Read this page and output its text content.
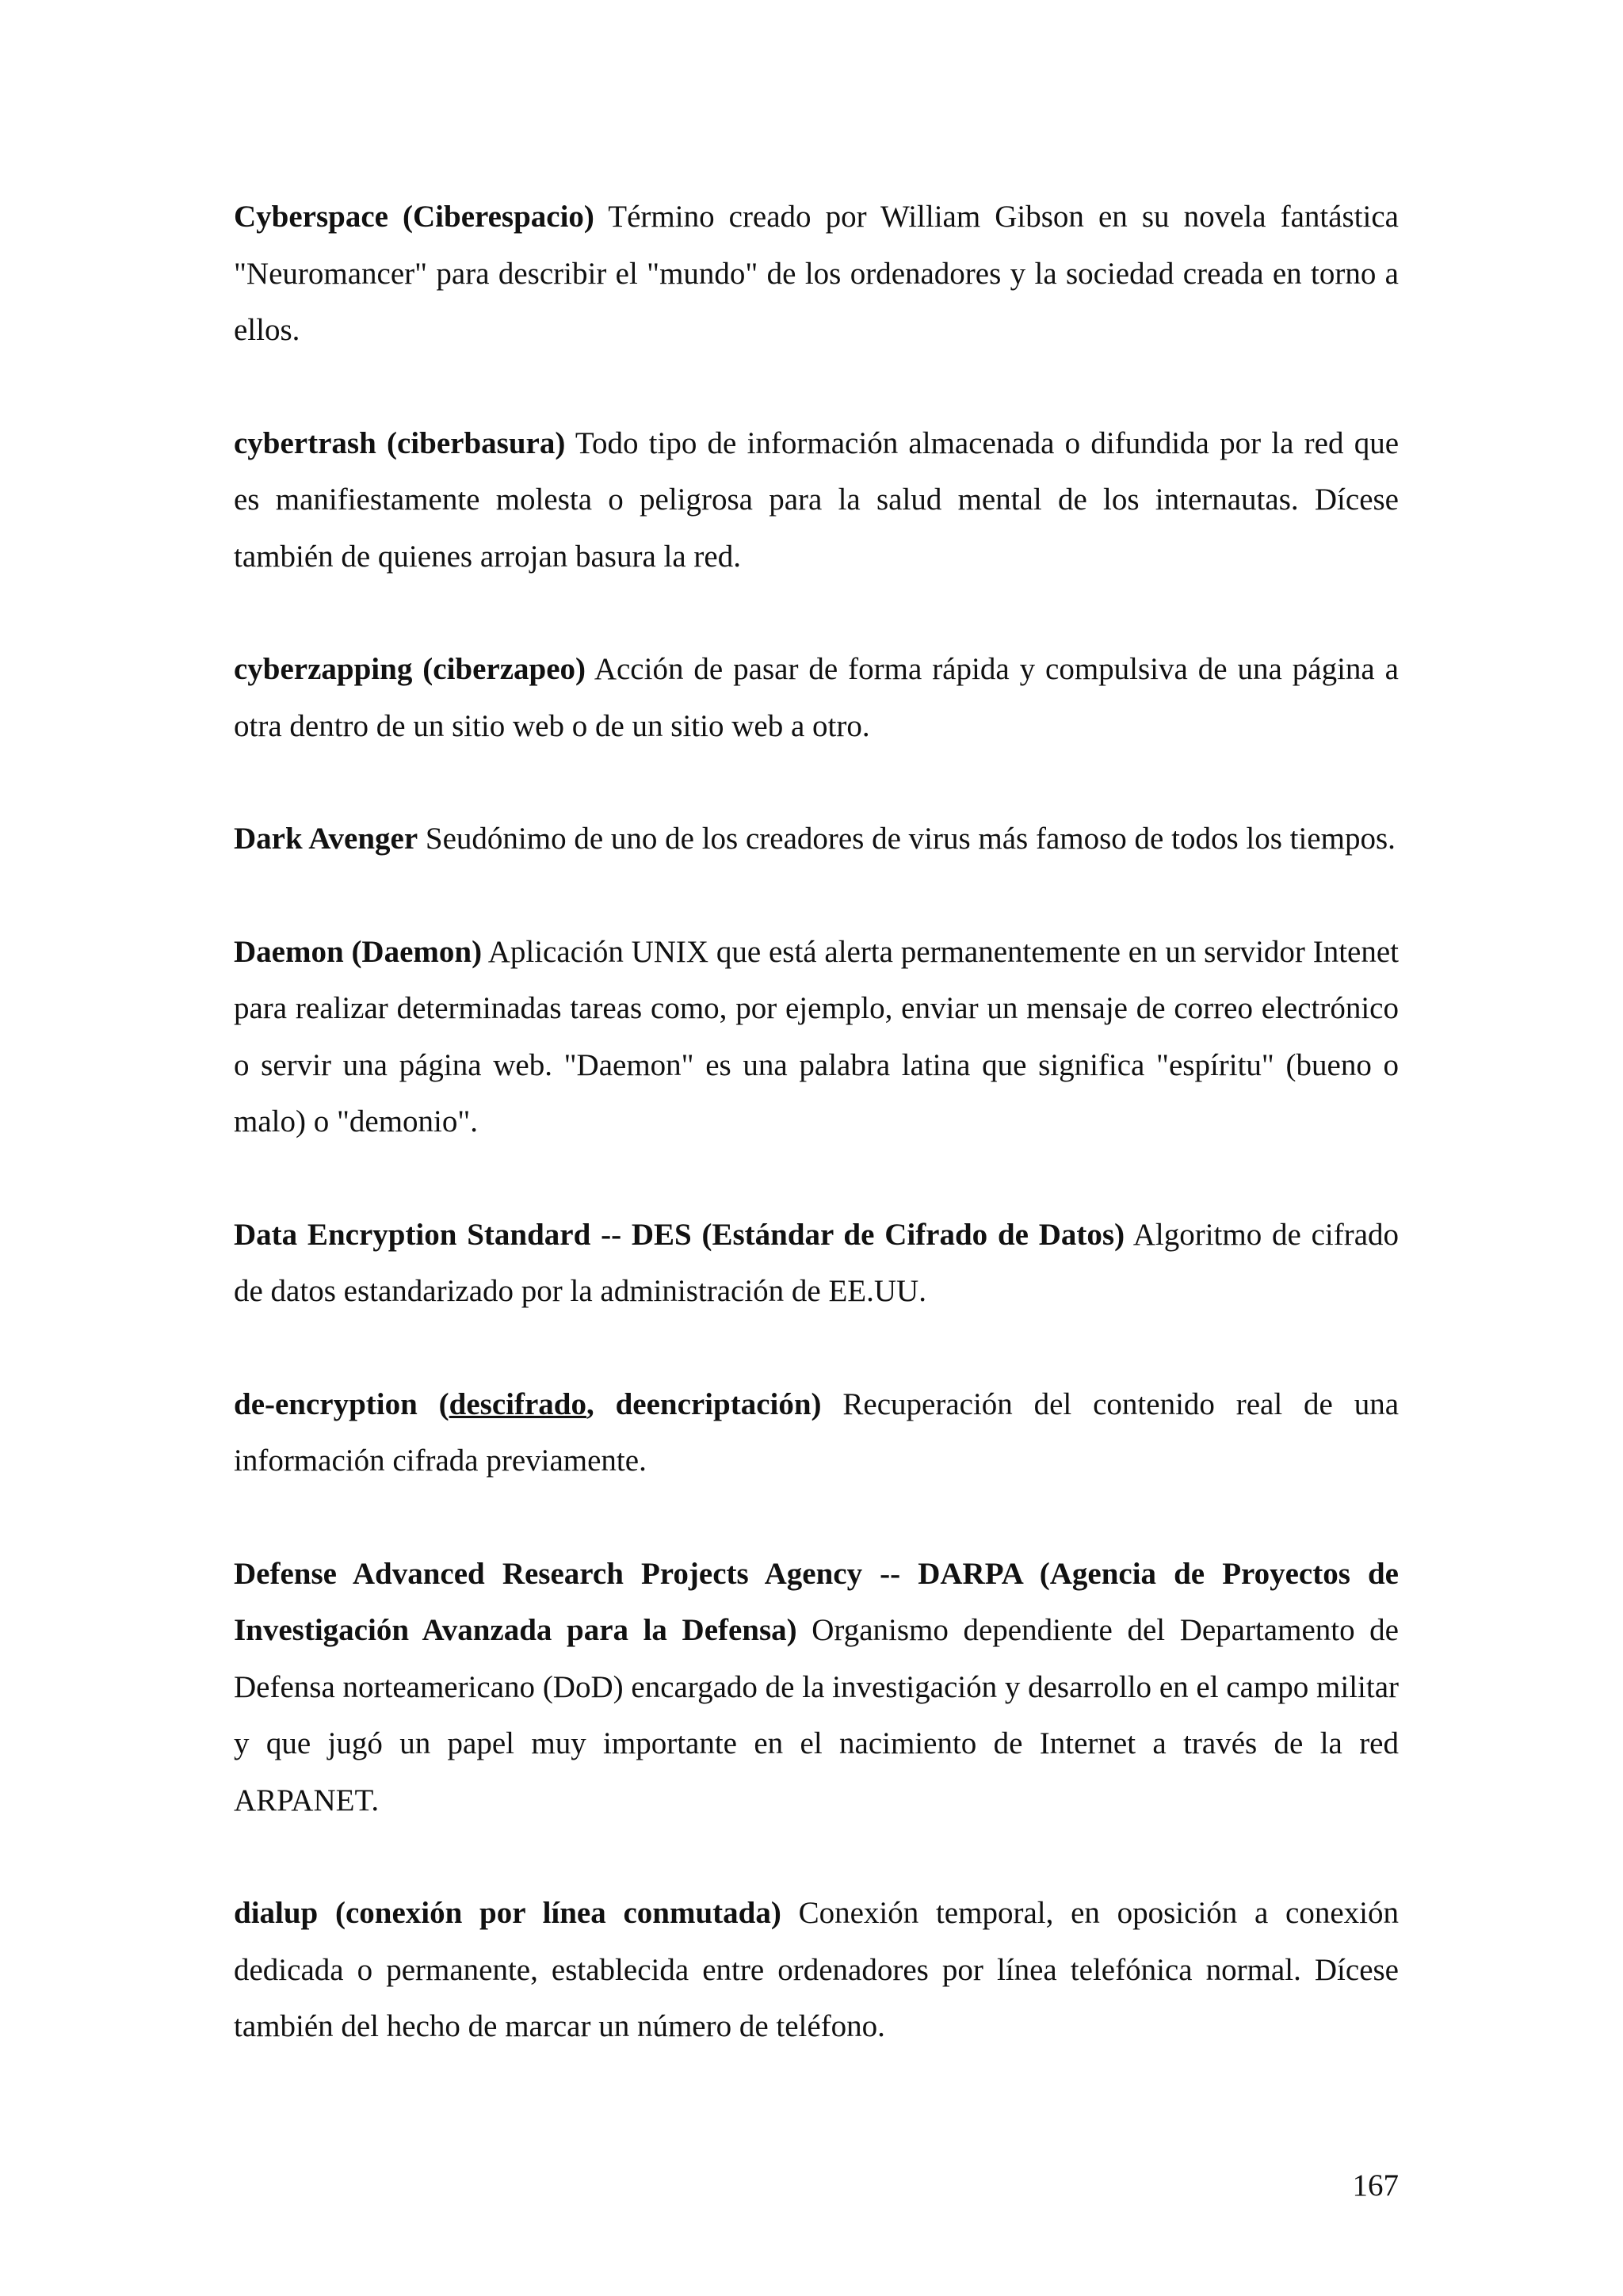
Cyberspace (Ciberespacio) Término creado por William Gibson en su novela fantástica "Neuromancer" para describir el "mundo" de los ordenadores y la sociedad creada en torno a ellos.

cybertrash (ciberbasura) Todo tipo de información almacenada o difundida por la red que es manifiestamente molesta o peligrosa para la salud mental de los internautas. Dícese también de quienes arrojan basura la red.

cyberzapping (ciberzapeo) Acción de pasar de forma rápida y compulsiva de una página a otra dentro de un sitio web o de un sitio web a otro.

Dark Avenger Seudónimo de uno de los creadores de virus más famoso de todos los tiempos.

Daemon (Daemon) Aplicación UNIX que está alerta permanentemente en un servidor Intenet para realizar determinadas tareas como, por ejemplo, enviar un mensaje de correo electrónico o servir una página web. "Daemon" es una palabra latina que significa "espíritu" (bueno o malo) o "demonio".

Data Encryption Standard -- DES (Estándar de Cifrado de Datos) Algoritmo de cifrado de datos estandarizado por la administración de EE.UU.

de-encryption (descifrado, deencriptación) Recuperación del contenido real de una información cifrada previamente.

Defense Advanced Research Projects Agency -- DARPA (Agencia de Proyectos de Investigación Avanzada para la Defensa) Organismo dependiente del Departamento de Defensa norteamericano (DoD) encargado de la investigación y desarrollo en el campo militar y que jugó un papel muy importante en el nacimiento de Internet a través de la red ARPANET.

dialup (conexión por línea conmutada) Conexión temporal, en oposición a conexión dedicada o permanente, establecida entre ordenadores por línea telefónica normal. Dícese también del hecho de marcar un número de teléfono.

167
